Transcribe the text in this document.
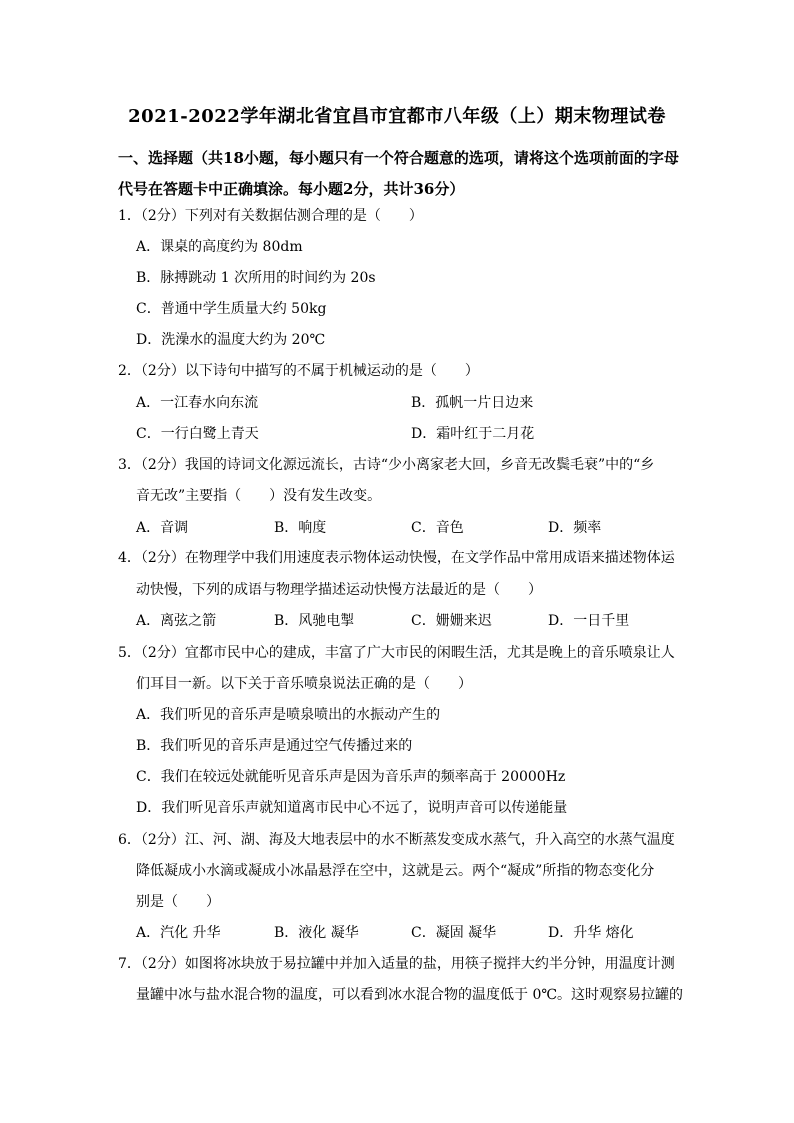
2021-2022学年湖北省宜昌市宜都市八年级（上）期末物理试卷
一、选择题（共18小题，每小题只有一个符合题意的选项，请将这个选项前面的字母代号在答题卡中正确填涂。每小题2分，共计36分）
1．（2分）下列对有关数据估测合理的是（　　）
A．课桌的高度约为 80dm
B．脉搏跳动 1 次所用的时间约为 20s
C．普通中学生质量大约 50kg
D．洗澡水的温度大约为 20℃
2．（2分）以下诗句中描写的不属于机械运动的是（　　）
A．一江春水向东流	B．孤帆一片日边来
C．一行白鹭上青天	D．霜叶红于二月花
3．（2分）我国的诗词文化源远流长，古诗“少小离家老大回，乡音无改鬓毛衰”中的“乡
音无改”主要指（　　）没有发生改变。
A．音调	B．响度	C．音色	D．频率
4．（2分）在物理学中我们用速度表示物体运动快慢，在文学作品中常用成语来描述物体运
动快慢，下列的成语与物理学描述运动快慢方法最近的是（　　）
A．离弦之箭	B．风驰电掣	C．姗姗来迟	D．一日千里
5．（2分）宜都市民中心的建成，丰富了广大市民的闲暇生活，尤其是晚上的音乐喷泉让人
们耳目一新。以下关于音乐喷泉说法正确的是（　　）
A．我们听见的音乐声是喷泉喷出的水振动产生的
B．我们听见的音乐声是通过空气传播过来的
C．我们在较远处就能听见音乐声是因为音乐声的频率高于 20000Hz
D．我们听见音乐声就知道离市民中心不远了，说明声音可以传递能量
6．（2分）江、河、湖、海及大地表层中的水不断蒸发变成水蒸气，升入高空的水蒸气温度
降低凝成小水滴或凝成小冰晶悬浮在空中，这就是云。两个“凝成”所指的物态变化分
别是（　　）
A．汽化 升华	B．液化 凝华	C．凝固 凝华	D．升华 熔化
7．（2分）如图将冰块放于易拉罐中并加入适量的盐，用筷子搅拌大约半分钟，用温度计测
量罐中冰与盐水混合物的温度，可以看到冰水混合物的温度低于 0℃。这时观察易拉罐的
